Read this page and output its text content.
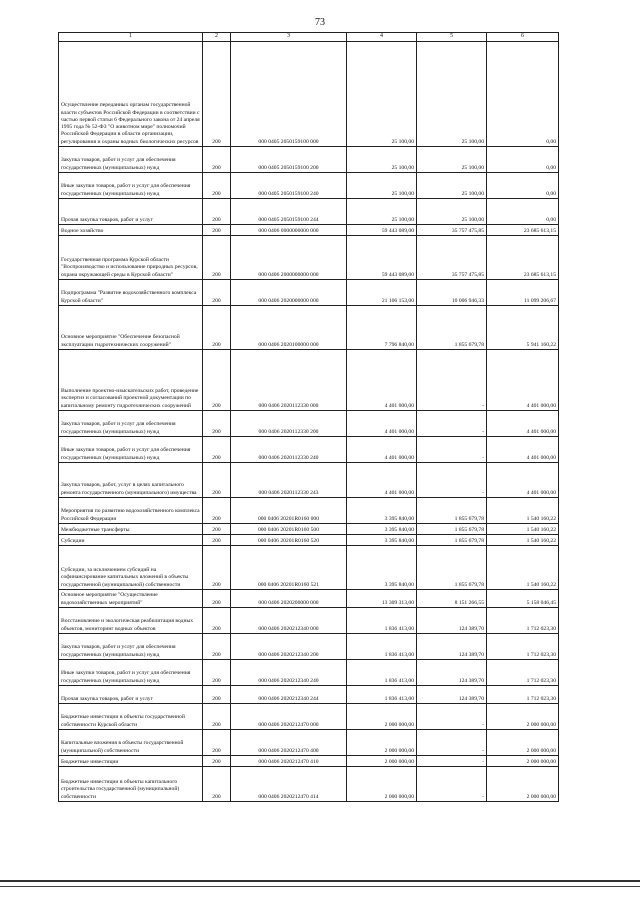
73
1	2	3	4	5	6
Осуществление переданных органам государственной власти субъектов Российской Федерации в соответствии с частью первой статьи 6 Федерального закона от 24 апреля 1995 года № 52-ФЗ "О животном мире" полномочий Российской Федерации в области организации, регулирования и охраны водных биологических ресурсов	200	000 0405 2050159100 000	25 100,00	25 100,00	0,00
Закупка товаров, работ и услуг для обеспечения государственных (муниципальных) нужд	200	000 0405 2050159100 200	25 100,00	25 100,00	0,00
Иные закупки товаров, работ и услуг для обеспечения государственных (муниципальных) нужд	200	000 0405 2050159100 240	25 100,00	25 100,00	0,00
Прочая закупка товаров, работ и услуг	200	000 0405 2050159100 244	25 100,00	25 100,00	0,00
Водное хозяйство	200	000 0406 0000000000 000	59 443 089,00	35 757 475,85	23 685 613,15
Государственная программа Курской области "Воспроизводство и использование природных ресурсов, охрана окружающей среды в Курской области"	200	000 0406 2000000000 000	59 443 089,00	35 757 475,85	23 685 613,15
Подпрограмма "Развитие водохозяйственного комплекса Курской области"	200	000 0406 2020000000 000	21 106 153,00	10 006 946,33	11 099 206,67
Основное мероприятие "Обеспечение безопасной эксплуатации гидротехнических сооружений"	200	000 0406 2020100000 000	7 796 840,00	1 855 679,78	5 941 160,22
Выполнение проектно-изыскательских работ, проведение экспертиз и согласований проектной документации по капитальному ремонту гидротехнических сооружений	200	000 0406 2020112330 000	4 401 000,00	-	4 401 000,00
Закупка товаров, работ и услуг для обеспечения государственных (муниципальных) нужд	200	000 0406 2020112330 200	4 401 000,00	-	4 401 000,00
Иные закупки товаров, работ и услуг для обеспечения государственных (муниципальных) нужд	200	000 0406 2020112330 240	4 401 000,00	-	4 401 000,00
Закупка товаров, работ, услуг в целях капитального ремонта государственного (муниципального) имущества	200	000 0406 2020112330 243	4 401 000,00	-	4 401 000,00
Мероприятия по развитию водохозяйственного комплекса Российской Федерации	200	000 0406 20201R0160 000	3 395 840,00	1 855 679,78	1 540 160,22
Межбюджетные трансферты	200	000 0406 20201R0160 500	3 395 840,00	1 855 679,78	1 540 160,22
Субсидии	200	000 0406 20201R0160 520	3 395 840,00	1 855 679,78	1 540 160,22
Субсидии, за исключением субсидий на софинансирование капитальных вложений в объекты государственной (муниципальной) собственности	200	000 0406 20201R0160 521	3 395 840,00	1 855 679,78	1 540 160,22
Основное мероприятие "Осуществление водохозяйственных мероприятий"	200	000 0406 2020200000 000	13 309 313,00	8 151 266,55	5 158 046,45
Восстановление и экологическая реабилитация водных объектов, мониторинг водных объектов	200	000 0406 2020212340 000	1 836 413,00	124 389,70	1 712 023,30
Закупка товаров, работ и услуг для обеспечения государственных (муниципальных) нужд	200	000 0406 2020212340 200	1 836 413,00	124 389,70	1 712 023,30
Иные закупки товаров, работ и услуг для обеспечения государственных (муниципальных) нужд	200	000 0406 2020212340 240	1 836 413,00	124 389,70	1 712 023,30
Прочая закупка товаров, работ и услуг	200	000 0406 2020212340 244	1 836 413,00	124 389,70	1 712 023,30
Бюджетные инвестиции в объекты государственной собственности Курской области	200	000 0406 2020212470 000	2 000 000,00	-	2 000 000,00
Капитальные вложения в объекты государственной (муниципальной) собственности	200	000 0406 2020212470 400	2 000 000,00	-	2 000 000,00
Бюджетные инвестиции	200	000 0406 2020212470 410	2 000 000,00	-	2 000 000,00
Бюджетные инвестиции в объекты капитального строительства государственной (муниципальной) собственности	200	000 0406 2020212470 414	2 000 000,00	-	2 000 000,00
